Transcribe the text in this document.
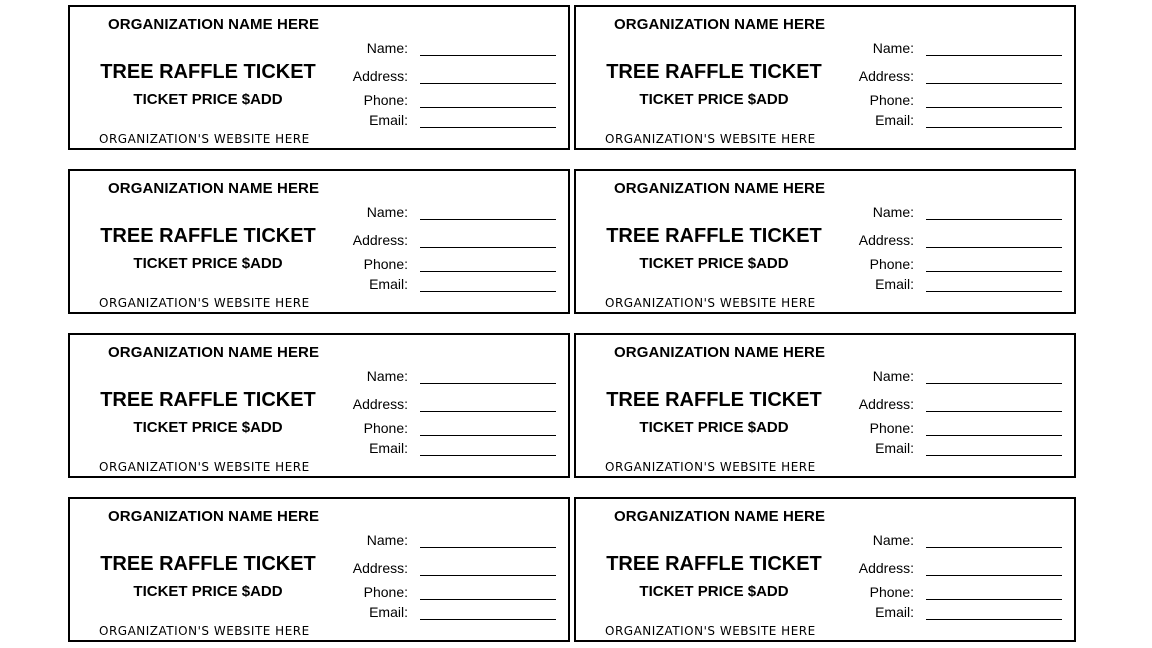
ORGANIZATION NAME HERE
Name:
TREE RAFFLE TICKET	Address:
TICKET PRICE $ADD	Phone:
Email:
ORGANIZATION'S WEBSITE HERE
ORGANIZATION NAME HERE
Name:
TREE RAFFLE TICKET	Address:
TICKET PRICE $ADD	Phone:
Email:
ORGANIZATION'S WEBSITE HERE
ORGANIZATION NAME HERE
Name:
TREE RAFFLE TICKET	Address:
TICKET PRICE $ADD	Phone:
Email:
ORGANIZATION'S WEBSITE HERE
ORGANIZATION NAME HERE
Name:
TREE RAFFLE TICKET	Address:
TICKET PRICE $ADD	Phone:
Email:
ORGANIZATION'S WEBSITE HERE
ORGANIZATION NAME HERE
Name:
TREE RAFFLE TICKET	Address:
TICKET PRICE $ADD	Phone:
Email:
ORGANIZATION'S WEBSITE HERE
ORGANIZATION NAME HERE
Name:
TREE RAFFLE TICKET	Address:
TICKET PRICE $ADD	Phone:
Email:
ORGANIZATION'S WEBSITE HERE
ORGANIZATION NAME HERE
Name:
TREE RAFFLE TICKET	Address:
TICKET PRICE $ADD	Phone:
Email:
ORGANIZATION'S WEBSITE HERE
ORGANIZATION NAME HERE
Name:
TREE RAFFLE TICKET	Address:
TICKET PRICE $ADD	Phone:
Email:
ORGANIZATION'S WEBSITE HERE
